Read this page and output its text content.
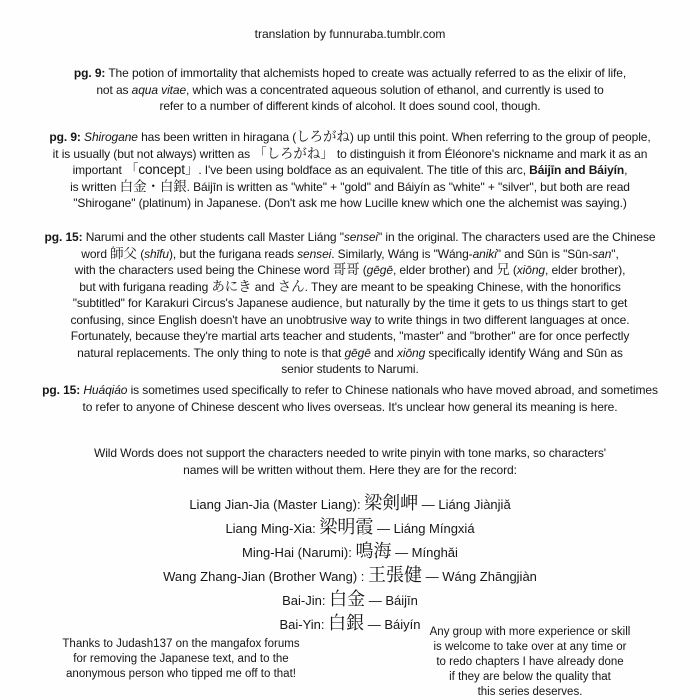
translation by funnuraba.tumblr.com
pg. 9: The potion of immortality that alchemists hoped to create was actually referred to as the elixir of life,
not as aqua vitae, which was a concentrated aqueous solution of ethanol, and currently is used to
refer to a number of different kinds of alcohol. It does sound cool, though.
pg. 9: Shirogane has been written in hiragana (しろがね) up until this point. When referring to the group of people,
it is usually (but not always) written as 「しろがね」 to distinguish it from Éléonore's nickname and mark it as an
important 「concept」. I've been using boldface as an equivalent. The title of this arc, Báijīn and Báiyín,
is written 白金・白銀. Báijīn is written as "white" + "gold" and Báiyín as "white" + "silver", but both are read
"Shirogane" (platinum) in Japanese. (Don't ask me how Lucille knew which one the alchemist was saying.)
pg. 15: Narumi and the other students call Master Liáng "sensei" in the original. The characters used are the Chinese
word 師父 (shīfu), but the furigana reads sensei. Similarly, Wáng is "Wáng-aniki" and Sūn is "Sūn-san",
with the characters used being the Chinese word 哥哥 (gēgē, elder brother) and 兄 (xiōng, elder brother),
but with furigana reading あにき and さん. They are meant to be speaking Chinese, with the honorifics
"subtitled" for Karakuri Circus's Japanese audience, but naturally by the time it gets to us things start to get
confusing, since English doesn't have an unobtrusive way to write things in two different languages at once.
Fortunately, because they're martial arts teacher and students, "master" and "brother" are for once perfectly
natural replacements. The only thing to note is that gēgē and xiōng specifically identify Wáng and Sūn as
senior students to Narumi.
pg. 15: Huáqiáo is sometimes used specifically to refer to Chinese nationals who have moved abroad, and sometimes
to refer to anyone of Chinese descent who lives overseas. It's unclear how general its meaning is here.
Wild Words does not support the characters needed to write pinyin with tone marks, so characters'
names will be written without them. Here they are for the record:
Liang Jian-Jia (Master Liang): 梁剣岬 — Liáng Jiànjiǎ
Liang Ming-Xia: 梁明霞 — Liáng Míngxiá
Ming-Hai (Narumi): 鳴海 — Mínghǎi
Wang Zhang-Jian (Brother Wang) : 王張健 — Wáng Zhāngjiàn
Bai-Jin: 白金 — Báijīn
Bai-Yin: 白銀 — Báiyín
Thanks to Judash137 on the mangafox forums
for removing the Japanese text, and to the
anonymous person who tipped me off to that!
Any group with more experience or skill
is welcome to take over at any time or
to redo chapters I have already done
if they are below the quality that
this series deserves.
